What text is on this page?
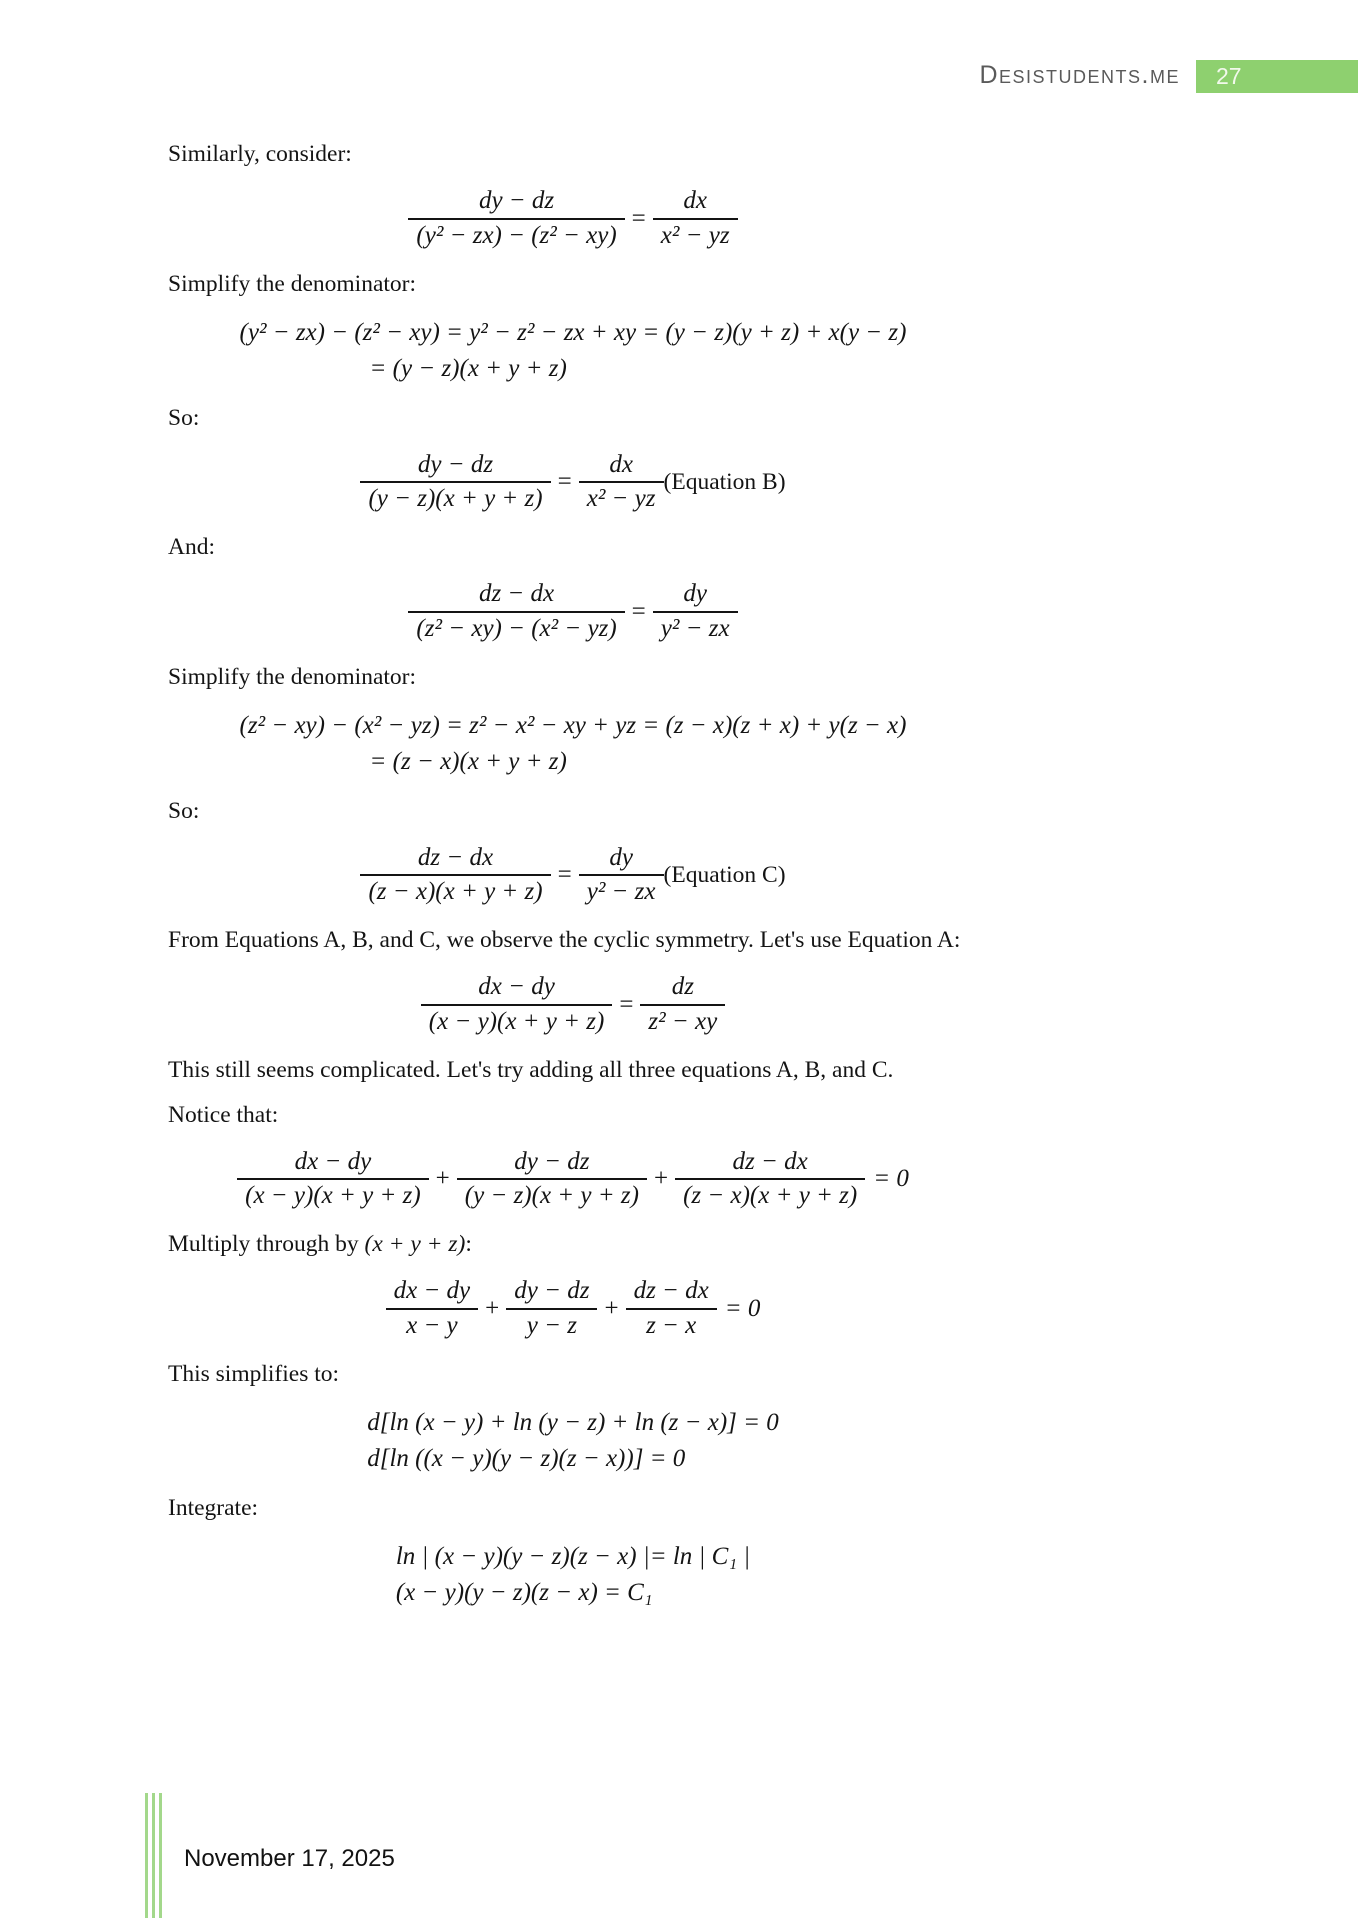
Desistudents.me	27

Similarly, consider:

$\frac{dy - dz}{\text{(y² − zx) − (z² − xy)}} = \frac{dx}{\text{x² − yz}}$

Simplify the denominator:

(y² − zx) − (z² − xy) = y² − z² − zx + xy = (y − z)(y + z) + x(y − z)
= (y − z)(x + y + z)

So:

$\frac{dy - dz}{(y - z)(x + y + z)} = \frac{dx}{\text{x² − yz}}$ (Equation B)

And:

$\frac{dz - dx}{\text{(z² − xy) − (x² − yz)}} = \frac{dy}{\text{y² − zx}}$

Simplify the denominator:

(z² − xy) − (x² − yz) = z² − x² − xy + yz = (z − x)(z + x) + y(z − x)
= (z − x)(x + y + z)

So:

$\frac{dz - dx}{(z - x)(x + y + z)} = \frac{dy}{\text{y² − zx}}$ (Equation C)

From Equations A, B, and C, we observe the cyclic symmetry. Let's use Equation A:

$\frac{dx - dy}{(x - y)(x + y + z)} = \frac{dz}{\text{z² − xy}}$

This still seems complicated. Let's try adding all three equations A, B, and C.

Notice that:

$\frac{dx - dy}{(x - y)(x + y + z)} + \frac{dy - dz}{(y - z)(x + y + z)} + \frac{dz - dx}{(z - x)(x + y + z)} = 0$

Multiply through by (x + y + z):

$\frac{dx - dy}{x - y} + \frac{dy - dz}{y - z} + \frac{dz - dx}{z - x} = 0$

This simplifies to:

d[ln (x − y) + ln (y − z) + ln (z − x)] = 0
d[ln ((x − y)(y − z)(z − x))] = 0

Integrate:

ln | (x − y)(y − z)(z − x) |= ln | C₁ |
(x − y)(y − z)(z − x) = C₁
November 17, 2025
